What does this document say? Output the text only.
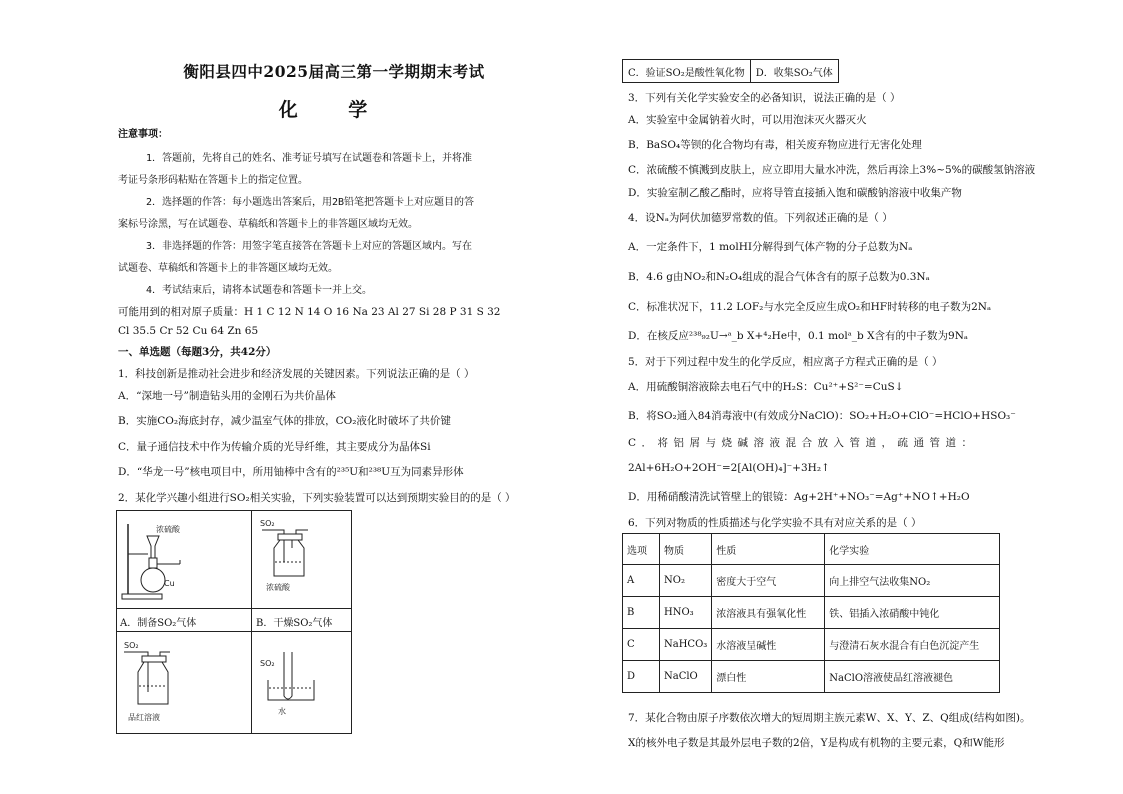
衡阳县四中2025届高三第一学期期末考试
化 学
注意事项：
1．答题前，先将自己的姓名、准考证号填写在试题卷和答题卡上，并将准
考证号条形码粘贴在答题卡上的指定位置。
2．选择题的作答：每小题选出答案后，用2B铅笔把答题卡上对应题目的答
案标号涂黑，写在试题卷、草稿纸和答题卡上的非答题区域均无效。
3．非选择题的作答：用签字笔直接答在答题卡上对应的答题区域内。写在
试题卷、草稿纸和答题卡上的非答题区域均无效。
4．考试结束后，请将本试题卷和答题卡一并上交。
可能用到的相对原子质量：H 1 C 12 N 14 O 16 Na 23 Al 27 Si 28 P 31 S 32
Cl 35.5 Cr 52 Cu 64 Zn 65
一、单选题（每题3分，共42分）
1．科技创新是推动社会进步和经济发展的关键因素。下列说法正确的是（ ）
A．“深地一号”制造钻头用的金刚石为共价晶体
B．实施CO₂海底封存，减少温室气体的排放，CO₂液化时破坏了共价键
C．量子通信技术中作为传输介质的光导纤维，其主要成分为晶体Si
D．“华龙一号”核电项目中，所用铀棒中含有的²³⁵U和²³⁸U互为同素异形体
2．某化学兴趣小组进行SO₂相关实验，下列实验装置可以达到预期实验目的的是（ ）
浓硫酸
Cu
SO₂
浓硫酸
A．制备SO₂气体	B．干燥SO₂气体
SO₂
品红溶液
SO₂
水
C．验证SO₂是酸性氧化物	D．收集SO₂气体
3．下列有关化学实验安全的必备知识，说法正确的是（ ）
A．实验室中金属钠着火时，可以用泡沫灭火器灭火
B．BaSO₄等钡的化合物均有毒，相关废弃物应进行无害化处理
C．浓硫酸不慎溅到皮肤上，应立即用大量水冲洗，然后再涂上3%~5%的碳酸氢钠溶液
D．实验室制乙酸乙酯时，应将导管直接插入饱和碳酸钠溶液中收集产物
4．设Nₐ为阿伏加德罗常数的值。下列叙述正确的是（ ）
A．一定条件下，1 molHI分解得到气体产物的分子总数为Nₐ
B．4.6 g由NO₂和N₂O₄组成的混合气体含有的原子总数为0.3Nₐ
C．标准状况下，11.2 LOF₂与水完全反应生成O₂和HF时转移的电子数为2Nₐ
D．在核反应²³⁸₉₂U→ᵃ_b X+⁴₂He中，0.1 molᵃ_b X含有的中子数为9Nₐ
5．对于下列过程中发生的化学反应，相应离子方程式正确的是（ ）
A．用硫酸铜溶液除去电石气中的H₂S：Cu²⁺+S²⁻=CuS↓
B．将SO₂通入84消毒液中(有效成分NaClO)：SO₂+H₂O+ClO⁻=HClO+HSO₃⁻
C．将铝屑与烧碱溶液混合放入管道，疏通管道：
2Al+6H₂O+2OH⁻=2[Al(OH)₄]⁻+3H₂↑
D．用稀硝酸清洗试管壁上的银镜：Ag+2H⁺+NO₃⁻=Ag⁺+NO↑+H₂O
6．下列对物质的性质描述与化学实验不具有对应关系的是（ ）
选项	物质	性质	化学实验
A	NO₂	密度大于空气	向上排空气法收集NO₂
B	HNO₃	浓溶液具有强氧化性	铁、铝插入浓硝酸中钝化
C	NaHCO₃	水溶液呈碱性	与澄清石灰水混合有白色沉淀产生
D	NaClO	漂白性	NaClO溶液使品红溶液褪色
7．某化合物由原子序数依次增大的短周期主族元素W、X、Y、Z、Q组成(结构如图)。
X的核外电子数是其最外层电子数的2倍，Y是构成有机物的主要元素，Q和W能形
